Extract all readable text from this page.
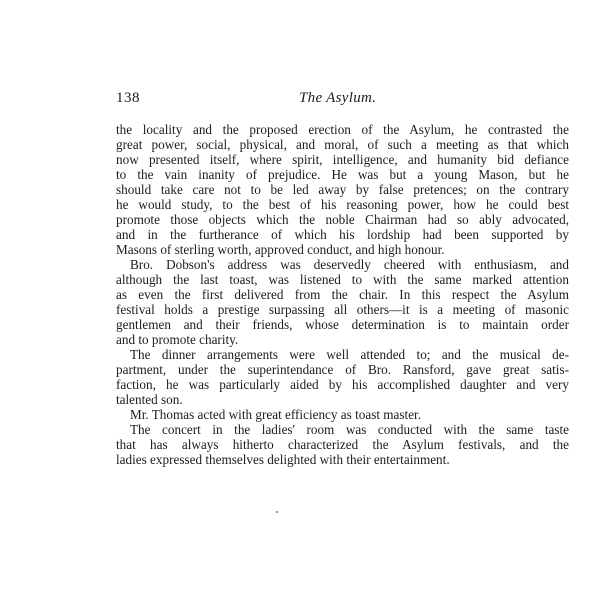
138	The Asylum.
the locality and the proposed erection of the Asylum, he contrasted the
great power, social, physical, and moral, of such a meeting as that which
now presented itself, where spirit, intelligence, and humanity bid defiance
to the vain inanity of prejudice. He was but a young Mason, but he
should take care not to be led away by false pretences; on the contrary
he would study, to the best of his reasoning power, how he could best
promote those objects which the noble Chairman had so ably advocated,
and in the furtherance of which his lordship had been supported by
Masons of sterling worth, approved conduct, and high honour.
Bro. Dobson's address was deservedly cheered with enthusiasm, and
although the last toast, was listened to with the same marked attention
as even the first delivered from the chair. In this respect the Asylum
festival holds a prestige surpassing all others—it is a meeting of masonic
gentlemen and their friends, whose determination is to maintain order
and to promote charity.
The dinner arrangements were well attended to; and the musical de-
partment, under the superintendance of Bro. Ransford, gave great satis-
faction, he was particularly aided by his accomplished daughter and very
talented son.
Mr. Thomas acted with great efficiency as toast master.
The concert in the ladies' room was conducted with the same taste
that has always hitherto characterized the Asylum festivals, and the
ladies expressed themselves delighted with their entertainment.
